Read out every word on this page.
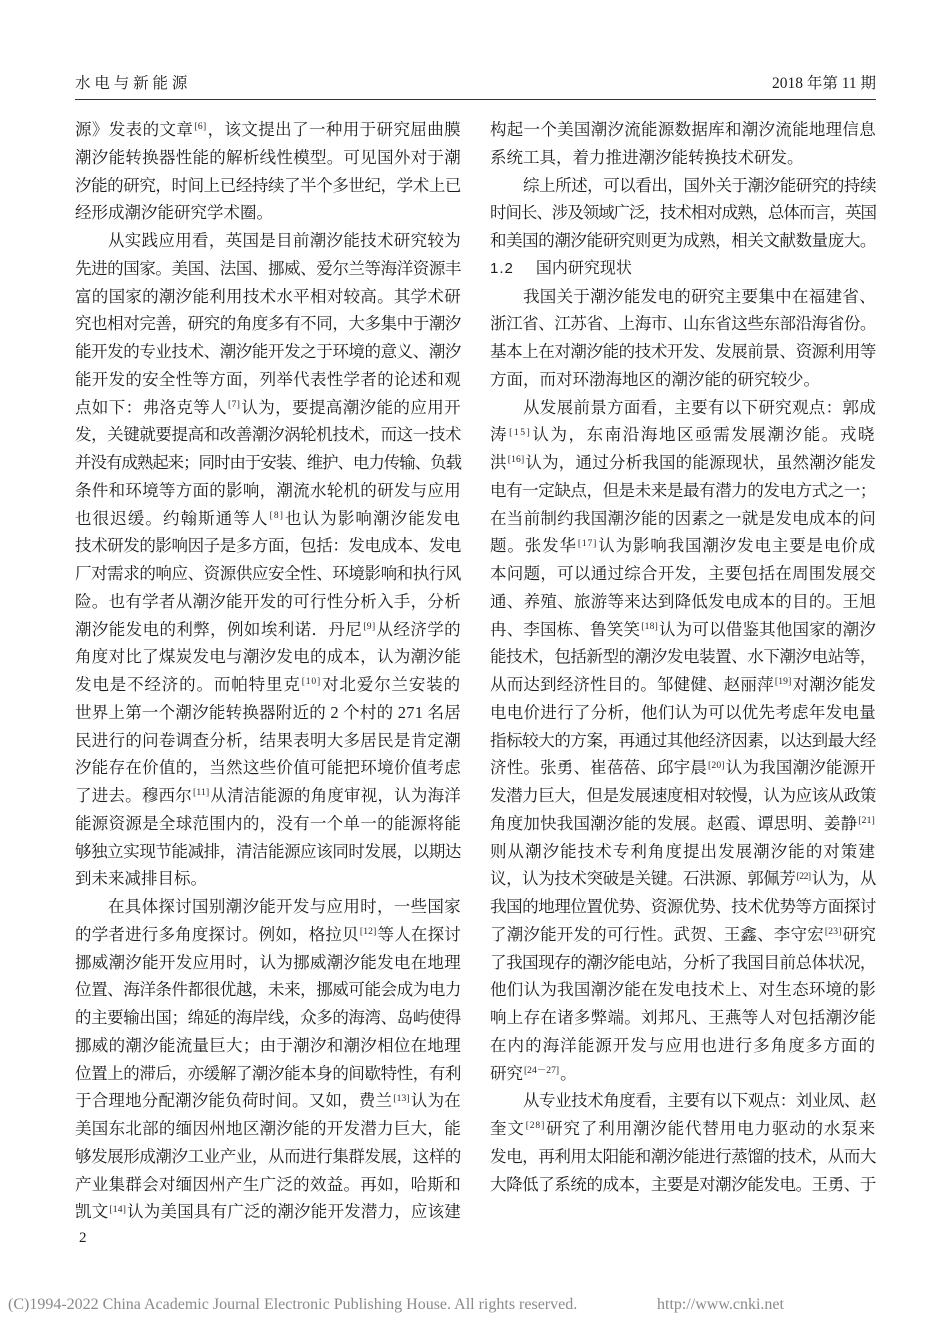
水 电 与 新 能 源	2018 年第 11 期
源》发表的文章[6]，该文提出了一种用于研究屈曲膜
潮汐能转换器性能的解析线性模型。可见国外对于潮
汐能的研究，时间上已经持续了半个多世纪，学术上已
经形成潮汐能研究学术圈。
从实践应用看，英国是目前潮汐能技术研究较为
先进的国家。美国、法国、挪威、爱尔兰等海洋资源丰
富的国家的潮汐能利用技术水平相对较高。其学术研
究也相对完善，研究的角度多有不同，大多集中于潮汐
能开发的专业技术、潮汐能开发之于环境的意义、潮汐
能开发的安全性等方面，列举代表性学者的论述和观
点如下：弗洛克等人[7]认为，要提高潮汐能的应用开
发，关键就要提高和改善潮汐涡轮机技术，而这一技术
并没有成熟起来；同时由于安装、维护、电力传输、负载
条件和环境等方面的影响，潮流水轮机的研发与应用
也很迟缓。约翰斯通等人[8]也认为影响潮汐能发电
技术研发的影响因子是多方面，包括：发电成本、发电
厂对需求的响应、资源供应安全性、环境影响和执行风
险。也有学者从潮汐能开发的可行性分析入手，分析
潮汐能发电的利弊，例如埃利诺．丹尼[9]从经济学的
角度对比了煤炭发电与潮汐发电的成本，认为潮汐能
发电是不经济的。而帕特里克[10]对北爱尔兰安装的
世界上第一个潮汐能转换器附近的 2 个村的 271 名居
民进行的问卷调查分析，结果表明大多居民是肯定潮
汐能存在价值的，当然这些价值可能把环境价值考虑
了进去。穆西尔[11]从清洁能源的角度审视，认为海洋
能源资源是全球范围内的，没有一个单一的能源将能
够独立实现节能减排，清洁能源应该同时发展，以期达
到未来减排目标。
在具体探讨国别潮汐能开发与应用时，一些国家
的学者进行多角度探讨。例如，格拉贝[12]等人在探讨
挪威潮汐能开发应用时，认为挪威潮汐能发电在地理
位置、海洋条件都很优越，未来，挪威可能会成为电力
的主要输出国；绵延的海岸线，众多的海湾、岛屿使得
挪威的潮汐能流量巨大；由于潮汐和潮汐相位在地理
位置上的滞后，亦缓解了潮汐能本身的间歇特性，有利
于合理地分配潮汐能负荷时间。又如，费兰[13]认为在
美国东北部的缅因州地区潮汐能的开发潜力巨大，能
够发展形成潮汐工业产业，从而进行集群发展，这样的
产业集群会对缅因州产生广泛的效益。再如，哈斯和
凯文[14]认为美国具有广泛的潮汐能开发潜力，应该建
构起一个美国潮汐流能源数据库和潮汐流能地理信息
系统工具，着力推进潮汐能转换技术研发。
综上所述，可以看出，国外关于潮汐能研究的持续
时间长、涉及领域广泛，技术相对成熟，总体而言，英国
和美国的潮汐能研究则更为成熟，相关文献数量庞大。
1.2 国内研究现状
我国关于潮汐能发电的研究主要集中在福建省、
浙江省、江苏省、上海市、山东省这些东部沿海省份。
基本上在对潮汐能的技术开发、发展前景、资源利用等
方面，而对环渤海地区的潮汐能的研究较少。
从发展前景方面看，主要有以下研究观点：郭成
涛[15]认为，东南沿海地区亟需发展潮汐能。戎晓
洪[16]认为，通过分析我国的能源现状，虽然潮汐能发
电有一定缺点，但是未来是最有潜力的发电方式之一；
在当前制约我国潮汐能的因素之一就是发电成本的问
题。张发华[17]认为影响我国潮汐发电主要是电价成
本问题，可以通过综合开发，主要包括在周围发展交
通、养殖、旅游等来达到降低发电成本的目的。王旭
冉、李国栋、鲁笑笑[18]认为可以借鉴其他国家的潮汐
能技术，包括新型的潮汐发电装置、水下潮汐电站等，
从而达到经济性目的。邹健健、赵丽萍[19]对潮汐能发
电电价进行了分析，他们认为可以优先考虑年发电量
指标较大的方案，再通过其他经济因素，以达到最大经
济性。张勇、崔蓓蓓、邱宇晨[20]认为我国潮汐能源开
发潜力巨大，但是发展速度相对较慢，认为应该从政策
角度加快我国潮汐能的发展。赵霞、谭思明、姜静[21]
则从潮汐能技术专利角度提出发展潮汐能的对策建
议，认为技术突破是关键。石洪源、郭佩芳[22]认为，从
我国的地理位置优势、资源优势、技术优势等方面探讨
了潮汐能开发的可行性。武贺、王鑫、李守宏[23]研究
了我国现存的潮汐能电站，分析了我国目前总体状况，
他们认为我国潮汐能在发电技术上、对生态环境的影
响上存在诸多弊端。刘邦凡、王燕等人对包括潮汐能
在内的海洋能源开发与应用也进行多角度多方面的
研究[24－27]。
从专业技术角度看，主要有以下观点：刘业凤、赵
奎文[28]研究了利用潮汐能代替用电力驱动的水泵来
发电，再利用太阳能和潮汐能进行蒸馏的技术，从而大
大降低了系统的成本，主要是对潮汐能发电。王勇、于
2
(C)1994-2022 China Academic Journal Electronic Publishing House. All rights reserved.	http://www.cnki.net
